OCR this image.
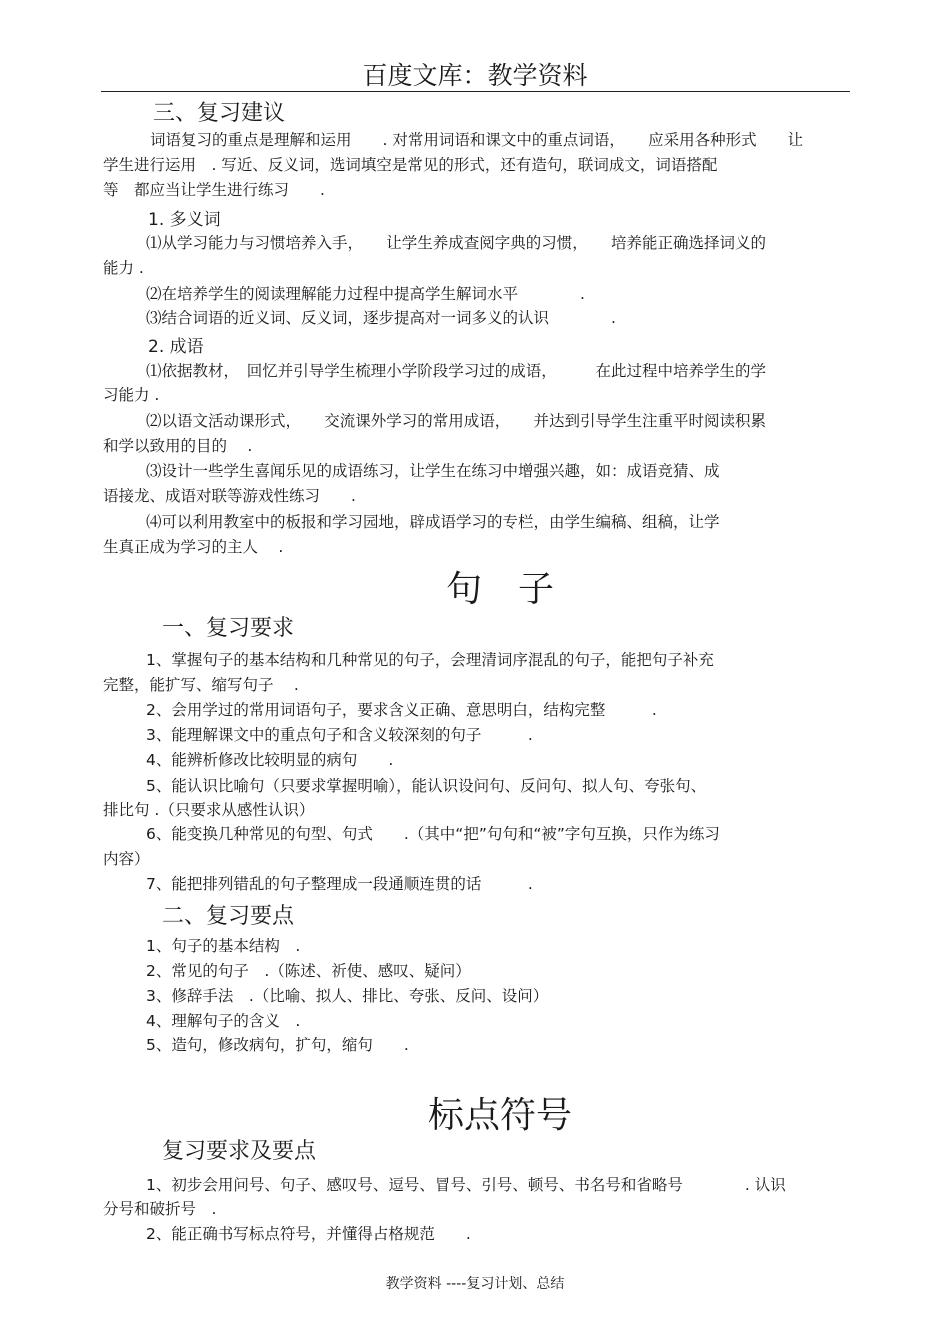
百度文库：教学资料
三、复习建议
词语复习的重点是理解和运用　　. 对常用词语和课文中的重点词语，　　应采用各种形式　　让
学生进行运用　. 写近、反义词，选词填空是常见的形式，还有造句，联词成文，词语搭配
等　都应当让学生进行练习　　.
1. 多义词
⑴从学习能力与习惯培养入手，　　让学生养成查阅字典的习惯，　　培养能正确选择词义的
能力 .
⑵在培养学生的阅读理解能力过程中提高学生解词水平　　　　.
⑶结合词语的近义词、反义词，逐步提高对一词多义的认识　　　　.
2. 成语
⑴依据教材，　回忆并引导学生梳理小学阶段学习过的成语，　　　在此过程中培养学生的学
习能力 .
⑵以语文活动课形式，　　交流课外学习的常用成语，　　并达到引导学生注重平时阅读积累
和学以致用的目的　 .
⑶设计一些学生喜闻乐见的成语练习，让学生在练习中增强兴趣，如：成语竞猜、成
语接龙、成语对联等游戏性练习　　.
⑷可以利用教室中的板报和学习园地，辟成语学习的专栏，由学生编稿、组稿，让学
生真正成为学习的主人　 .
句　子
一、复习要求
1、掌握句子的基本结构和几种常见的句子，会理清词序混乱的句子，能把句子补充
完整，能扩写、缩写句子　 .
2、会用学过的常用词语句子，要求含义正确、意思明白，结构完整　　　.
3、能理解课文中的重点句子和含义较深刻的句子　　　.
4、能辨析修改比较明显的病句　　.
5、能认识比喻句（只要求掌握明喻），能认识设问句、反问句、拟人句、夸张句、
排比句 .（只要求从感性认识）
6、能变换几种常见的句型、句式　　.（其中“把”句句和“被”字句互换，只作为练习
内容）
7、能把排列错乱的句子整理成一段通顺连贯的话　　　.
二、复习要点
1、句子的基本结构　.
2、常见的句子　.（陈述、祈使、感叹、疑问）
3、修辞手法　.（比喻、拟人、排比、夸张、反问、设问）
4、理解句子的含义　.
5、造句，修改病句，扩句，缩句　　.
标点符号
复习要求及要点
1、初步会用问号、句子、感叹号、逗号、冒号、引号、顿号、书名号和省略号　　　　. 认识
分号和破折号　.
2、能正确书写标点符号，并懂得占格规范　　.
教学资料 ----复习计划、总结
